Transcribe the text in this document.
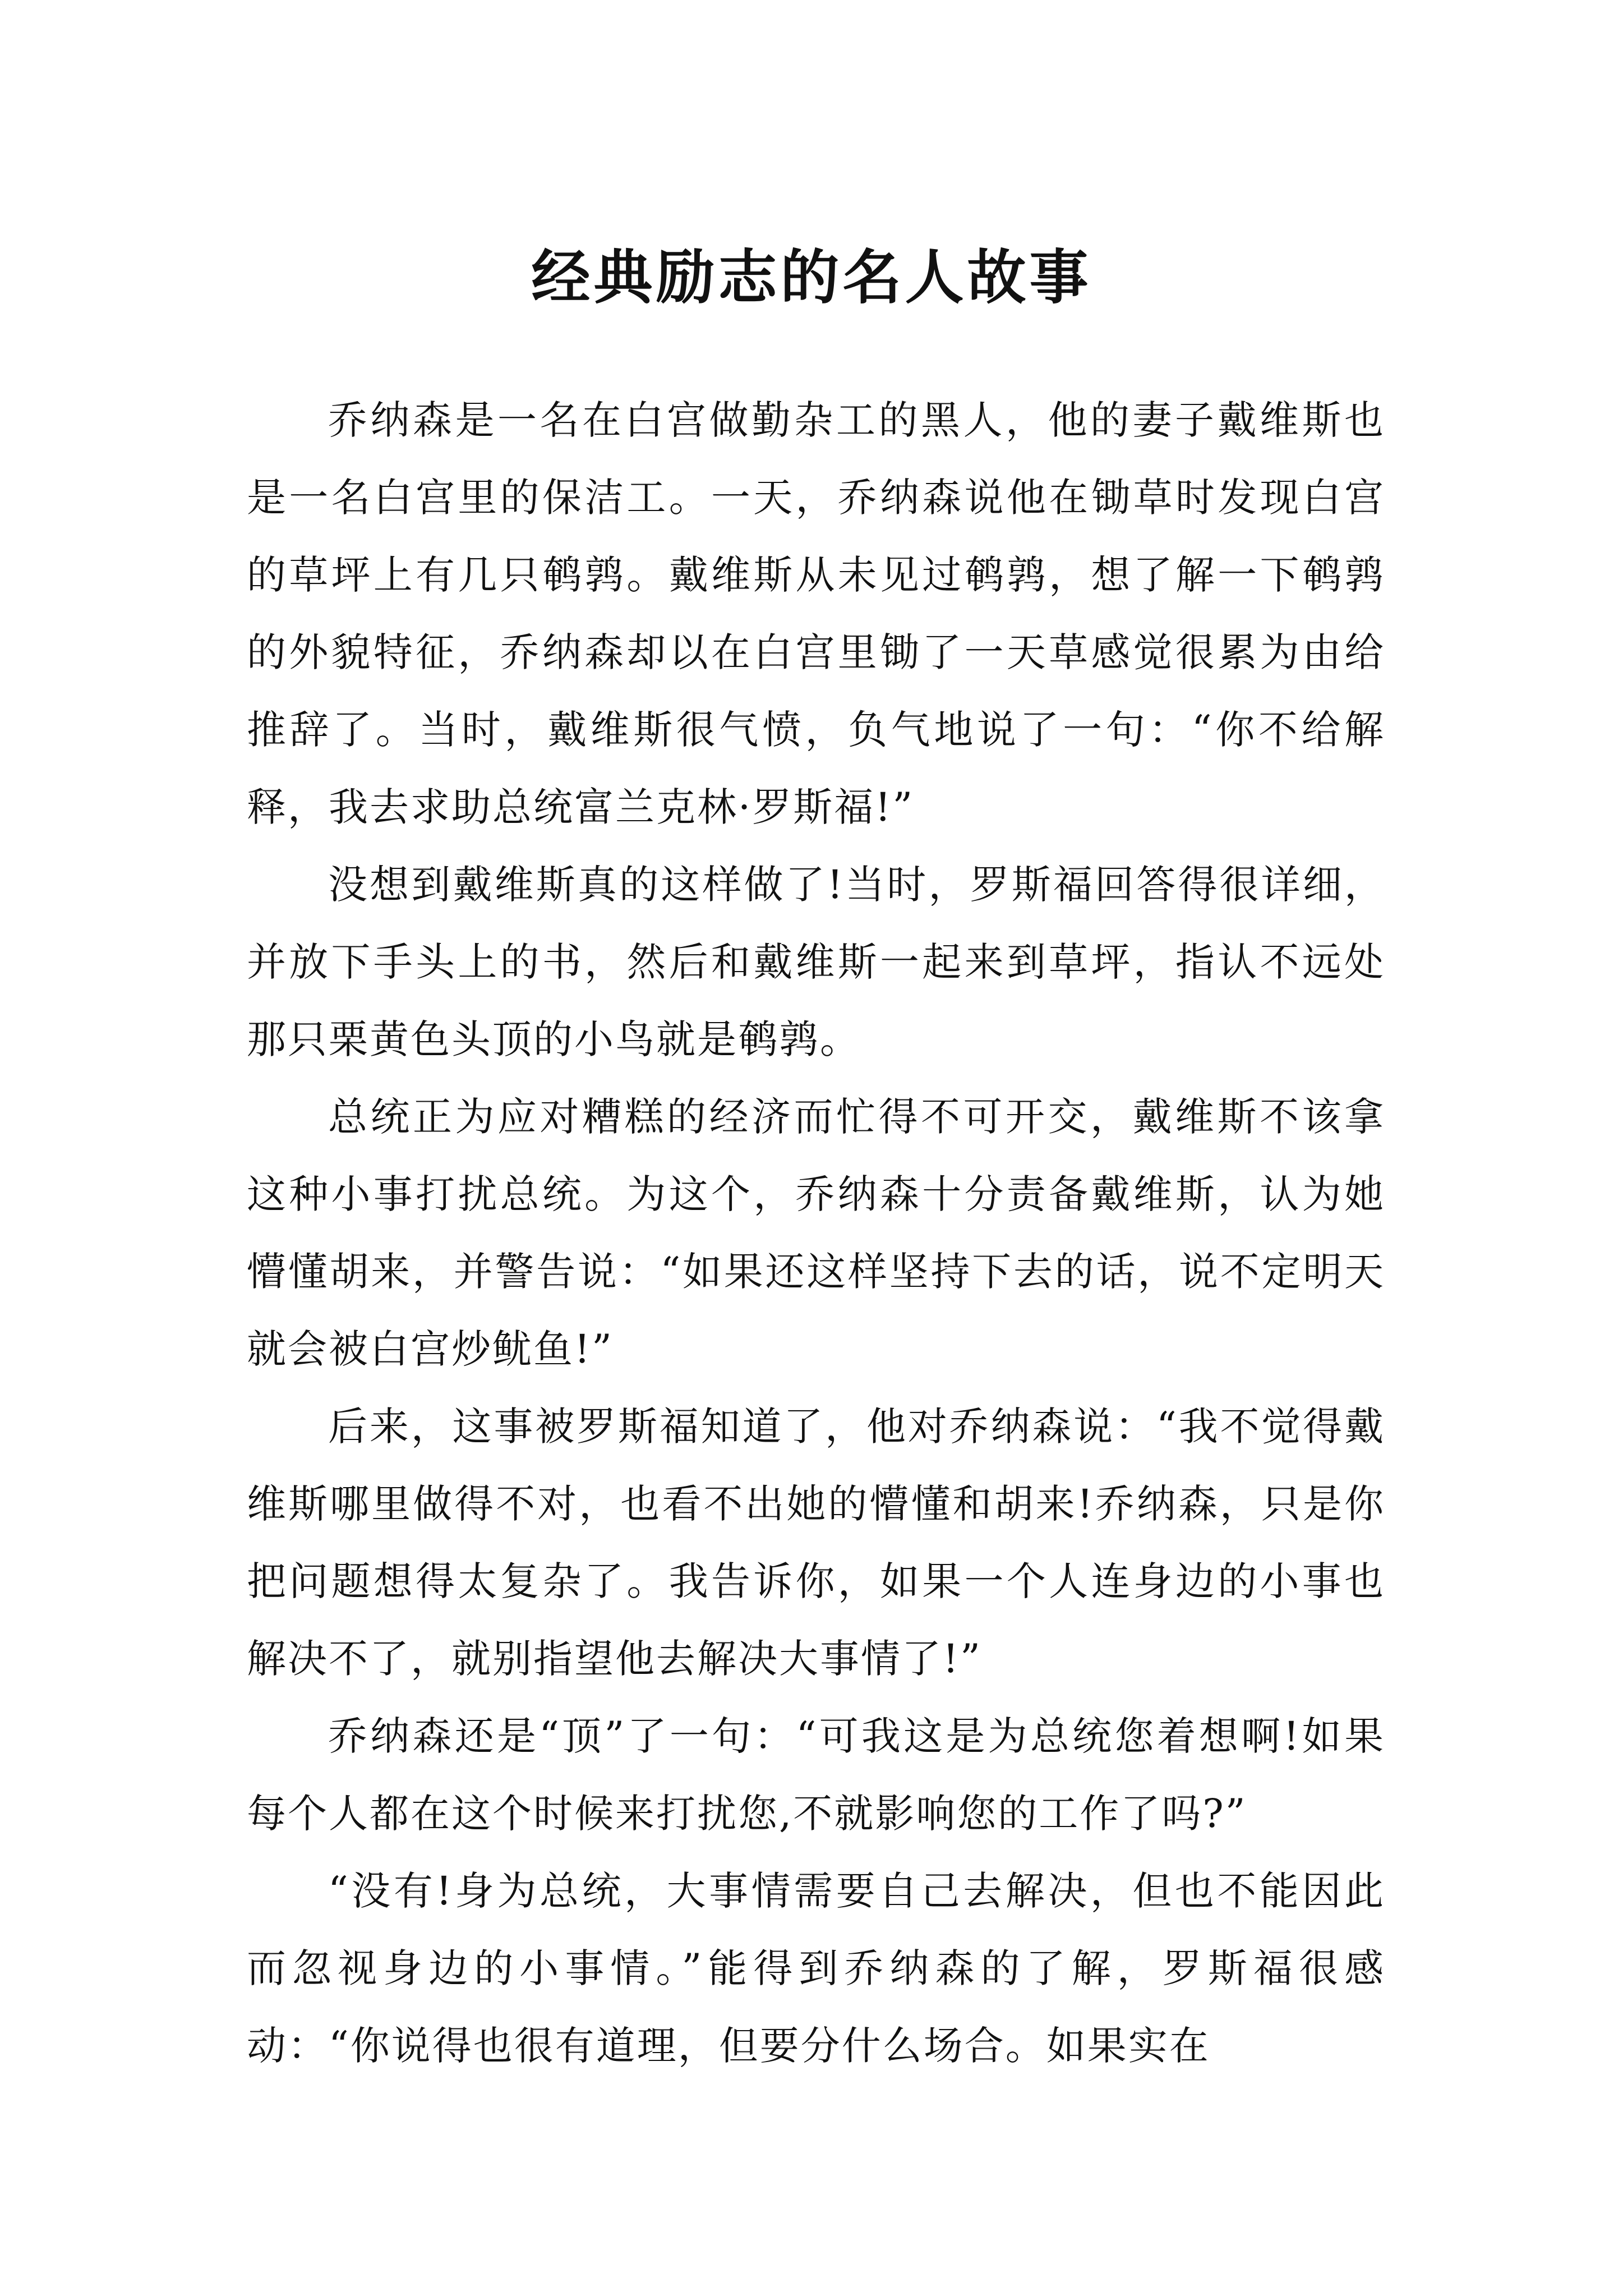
经典励志的名人故事

乔纳森是一名在白宫做勤杂工的黑人，他的妻子戴维斯也是一名白宫里的保洁工。一天，乔纳森说他在锄草时发现白宫的草坪上有几只鹌鹑。戴维斯从未见过鹌鹑，想了解一下鹌鹑的外貌特征，乔纳森却以在白宫里锄了一天草感觉很累为由给推辞了。当时，戴维斯很气愤，负气地说了一句：“你不给解释，我去求助总统富兰克林·罗斯福!”

没想到戴维斯真的这样做了!当时，罗斯福回答得很详细，并放下手头上的书，然后和戴维斯一起来到草坪，指认不远处那只栗黄色头顶的小鸟就是鹌鹑。

总统正为应对糟糕的经济而忙得不可开交，戴维斯不该拿这种小事打扰总统。为这个，乔纳森十分责备戴维斯，认为她懵懂胡来，并警告说：“如果还这样坚持下去的话，说不定明天就会被白宫炒鱿鱼!”

后来，这事被罗斯福知道了，他对乔纳森说：“我不觉得戴维斯哪里做得不对，也看不出她的懵懂和胡来!乔纳森，只是你把问题想得太复杂了。我告诉你，如果一个人连身边的小事也解决不了，就别指望他去解决大事情了!”

乔纳森还是“顶”了一句：“可我这是为总统您着想啊!如果每个人都在这个时候来打扰您,不就影响您的工作了吗?”

“没有!身为总统，大事情需要自己去解决，但也不能因此而忽视身边的小事情。”能得到乔纳森的了解，罗斯福很感动：“你说得也很有道理，但要分什么场合。如果实在
